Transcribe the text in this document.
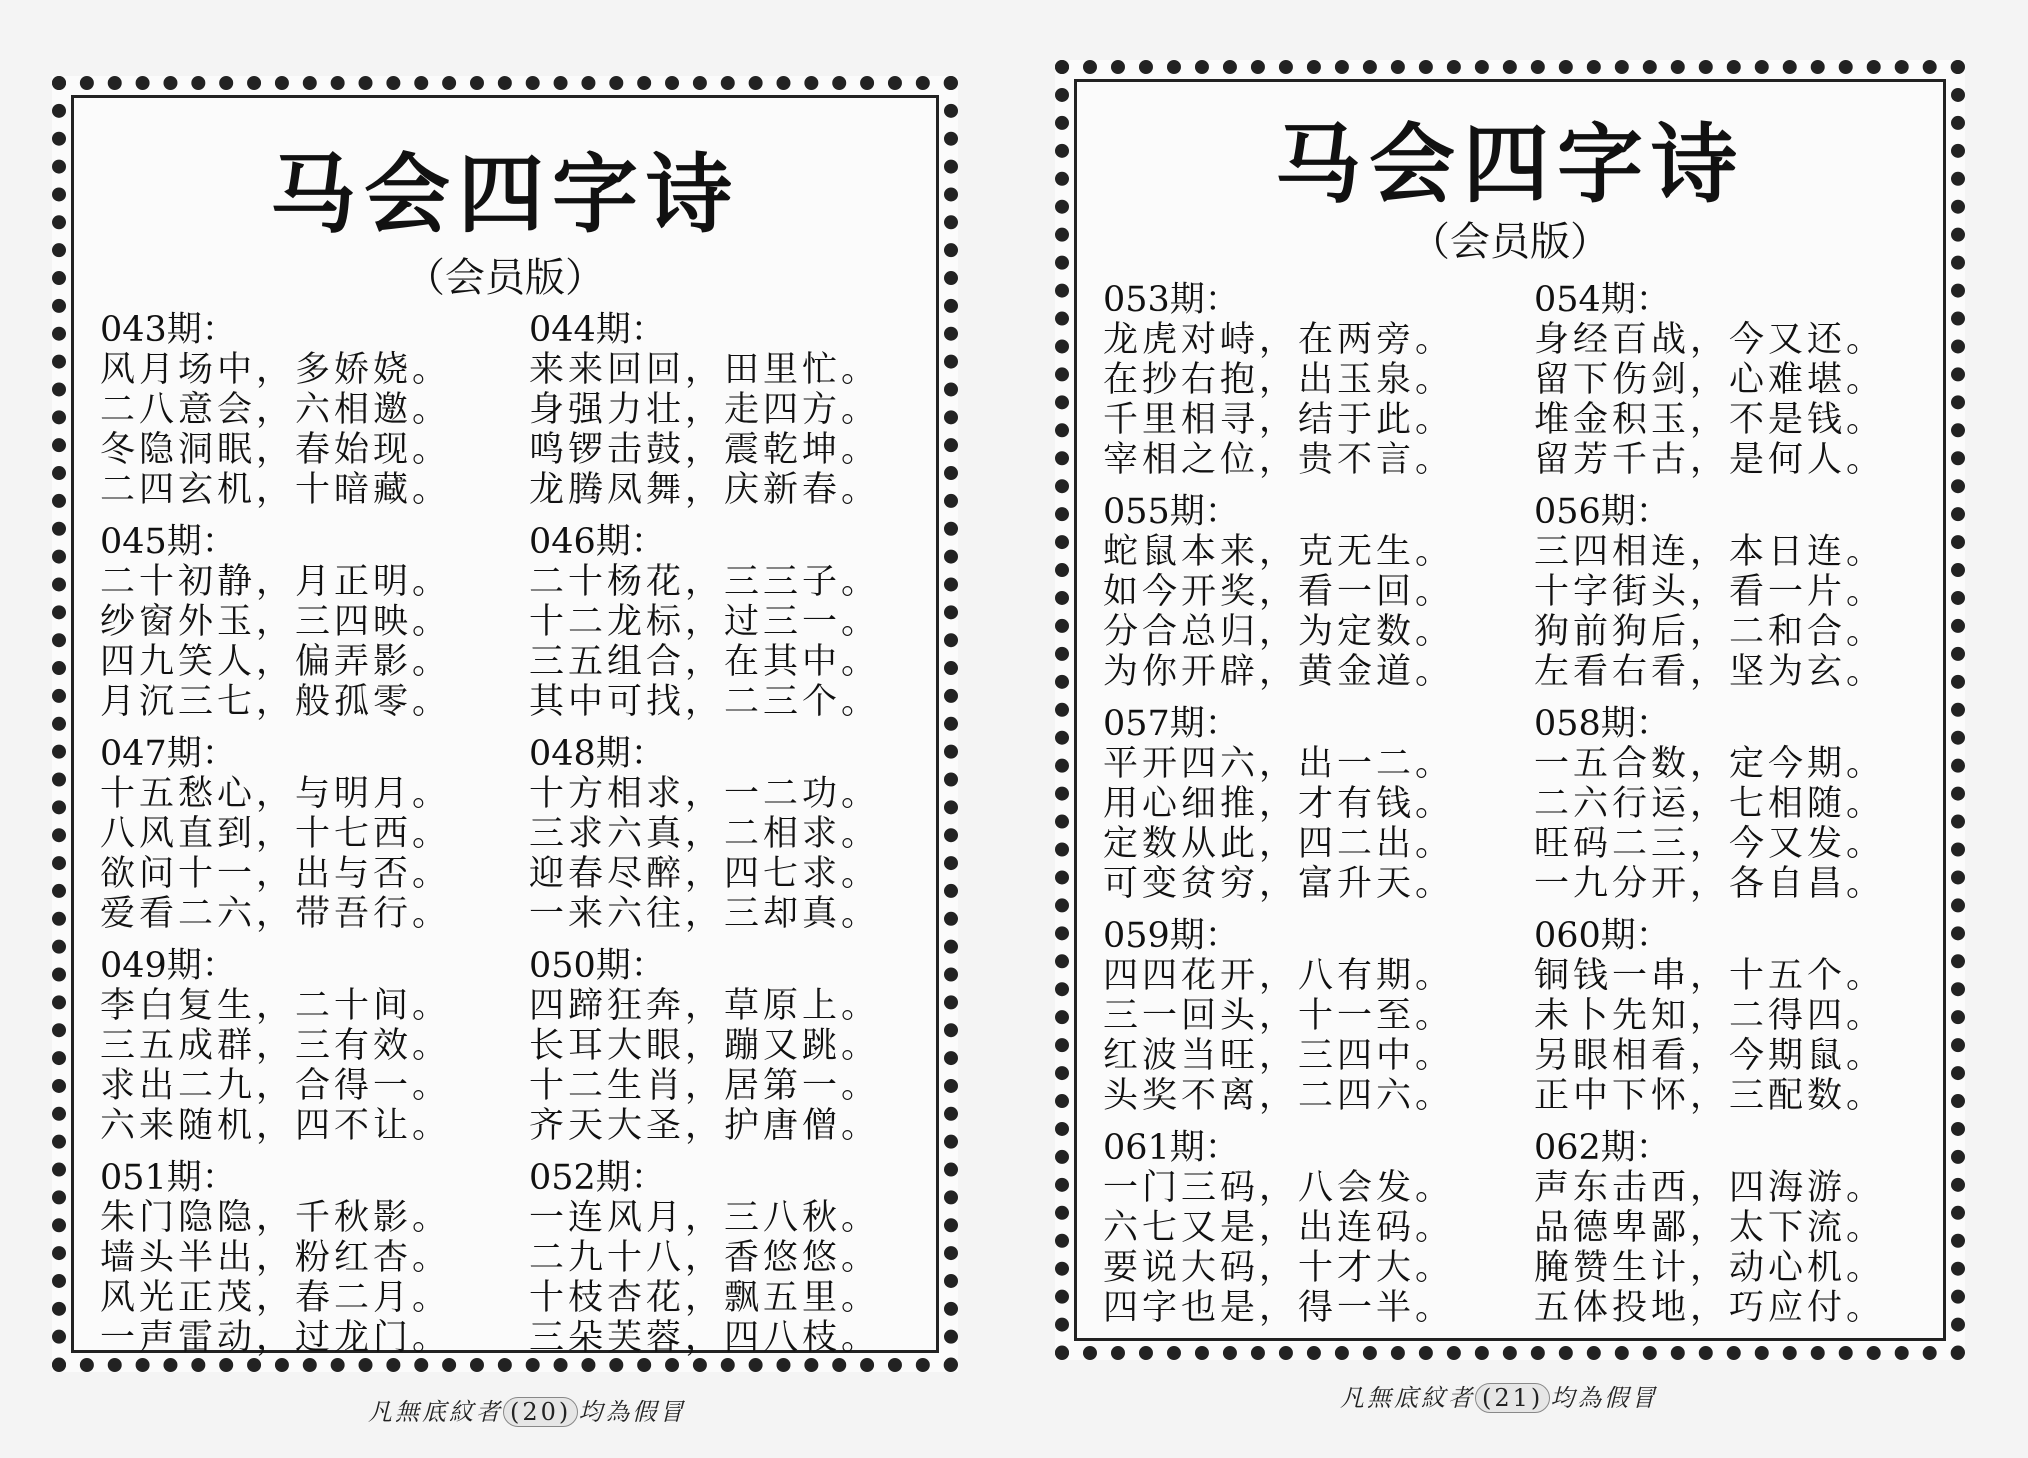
马会四字诗
（会员版）
043期：
风月场中，多娇娆。
二八意会，六相邀。
冬隐洞眠，春始现。
二四玄机，十暗藏。
044期：
来来回回，田里忙。
身强力壮，走四方。
鸣锣击鼓，震乾坤。
龙腾凤舞，庆新春。
045期：
二十初静，月正明。
纱窗外玉，三四映。
四九笑人，偏弄影。
月沉三七，般孤零。
046期：
二十杨花，三三子。
十二龙标，过三一。
三五组合，在其中。
其中可找，二三个。
047期：
十五愁心，与明月。
八风直到，十七西。
欲问十一，出与否。
爱看二六，带吾行。
048期：
十方相求，一二功。
三求六真，二相求。
迎春尽醉，四七求。
一来六往，三却真。
049期：
李白复生，二十间。
三五成群，三有效。
求出二九，合得一。
六来随机，四不让。
050期：
四蹄狂奔，草原上。
长耳大眼，蹦又跳。
十二生肖，居第一。
齐天大圣，护唐僧。
051期：
朱门隐隐，千秋影。
墙头半出，粉红杏。
风光正茂，春二月。
一声雷动，过龙门。
052期：
一连风月，三八秋。
二九十八，香悠悠。
十枝杏花，飘五里。
三朵芙蓉，四八枝。
马会四字诗
（会员版）
053期：
龙虎对峙，在两旁。
在抄右抱，出玉泉。
千里相寻，结于此。
宰相之位，贵不言。
054期：
身经百战，今又还。
留下伤剑，心难堪。
堆金积玉，不是钱。
留芳千古，是何人。
055期：
蛇鼠本来，克无生。
如今开奖，看一回。
分合总归，为定数。
为你开辟，黄金道。
056期：
三四相连，本日连。
十字街头，看一片。
狗前狗后，二和合。
左看右看，坚为玄。
057期：
平开四六，出一二。
用心细推，才有钱。
定数从此，四二出。
可变贫穷，富升天。
058期：
一五合数，定今期。
二六行运，七相随。
旺码二三，今又发。
一九分开，各自昌。
059期：
四四花开，八有期。
三一回头，十一至。
红波当旺，三四中。
头奖不离，二四六。
060期：
铜钱一串，十五个。
未卜先知，二得四。
另眼相看，今期鼠。
正中下怀，三配数。
061期：
一门三码，八会发。
六七又是，出连码。
要说大码，十才大。
四字也是，得一半。
062期：
声东击西，四海游。
品德卑鄙，太下流。
腌赞生计，动心机。
五体投地，巧应付。
凡無底紋者 (20) 均為假冒	凡無底紋者 (21) 均為假冒
